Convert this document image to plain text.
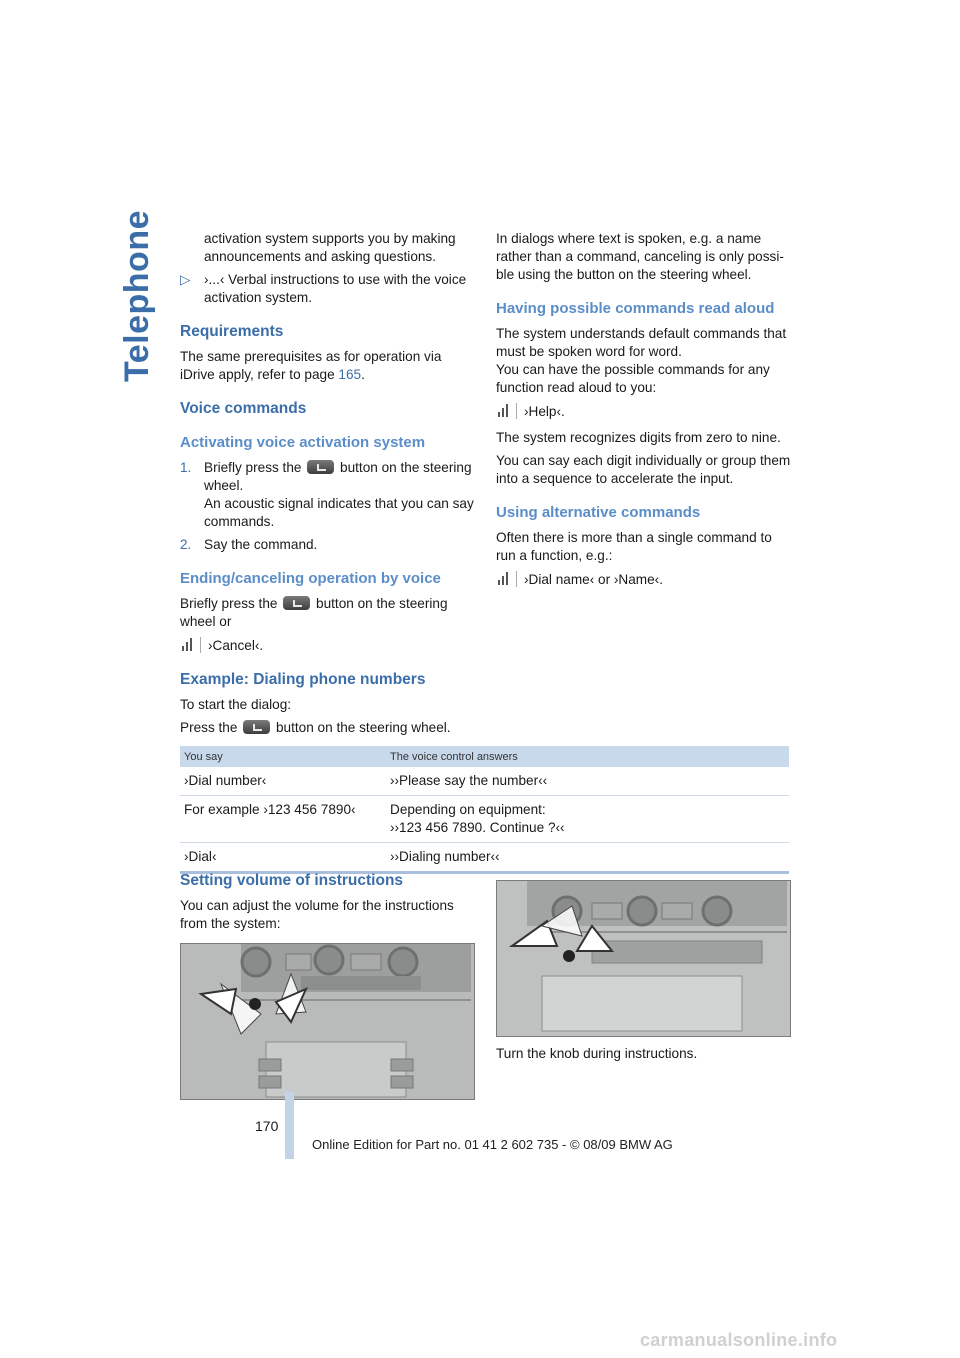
Telephone	activation system supports you by making announcements and asking questions.

▷ ›...‹ Verbal instructions to use with the voice activation system.
Requirements

The same prerequisites as for operation via iDrive apply, refer to page 165.

Voice commands
Activating voice activation system
1. Briefly press the	button on the steering wheel.
An acoustic signal indicates that you can say commands.
2. Say the command.
Ending/canceling operation by voice

Briefly press the	button on the steering wheel or

›Cancel‹.
Example: Dialing phone numbers

To start the dialog:

Press the	button on the steering wheel.

In dialogs where text is spoken, e.g. a name rather than a command, canceling is only possi-ble using the button on the steering wheel.

Having possible commands read aloud

The system understands default commands that must be spoken word for word.

You can have the possible commands for any function read aloud to you:

›Help‹.

The system recognizes digits from zero to nine.

You can say each digit individually or group them into a sequence to accelerate the input.

Using alternative commands

Often there is more than a single command to run a function, e.g.:

›Dial name‹ or ›Name‹.
You say	The voice control answers
›Dial number‹	››Please say the number‹‹
For example ›123 456 7890‹	Depending on equipment:
››123 456 7890. Continue ?‹‹
›Dial‹	››Dialing number‹‹
Setting volume of instructions

You can adjust the volume for the instructions from the system:

Turn the knob during instructions.
170
Online Edition for Part no. 01 41 2 602 735 - © 08/09 BMW AG
carmanualsonline.info
